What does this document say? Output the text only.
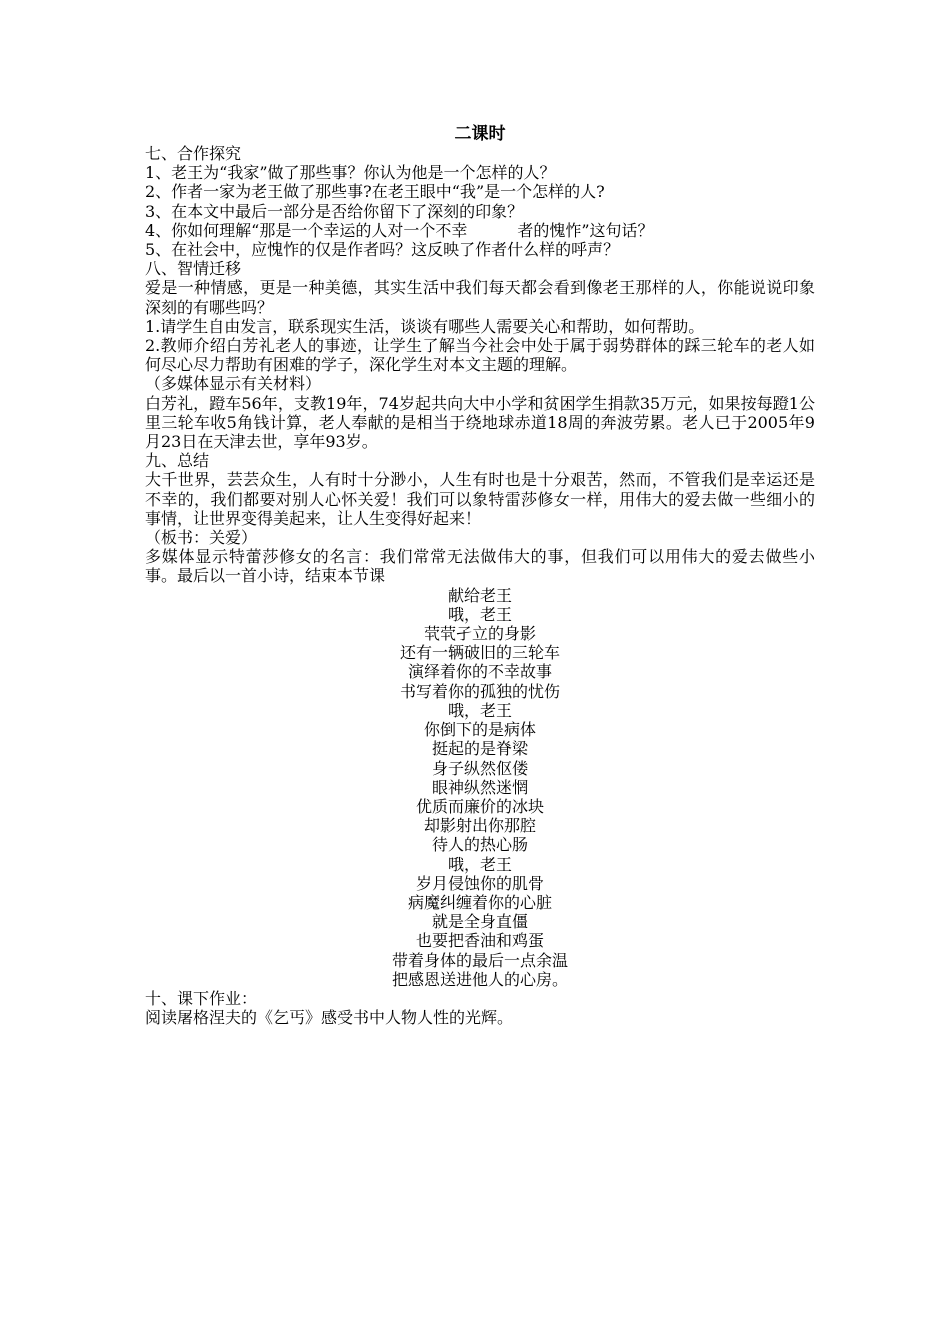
二课时

七、合作探究

1、老王为“我家”做了那些事？你认为他是一个怎样的人？

2、作者一家为老王做了那些事?在老王眼中“我”是一个怎样的人?

3、在本文中最后一部分是否给你留下了深刻的印象？

4、你如何理解“那是一个幸运的人对一个不幸	者的愧怍”这句话？

5、在社会中，应愧怍的仅是作者吗？这反映了作者什么样的呼声？

八、智情迁移

爱是一种情感，更是一种美德，其实生活中我们每天都会看到像老王那样的人，你能说说印象深刻的有哪些吗？

1.请学生自由发言，联系现实生活，谈谈有哪些人需要关心和帮助，如何帮助。

2.教师介绍白芳礼老人的事迹，让学生了解当今社会中处于属于弱势群体的踩三轮车的老人如何尽心尽力帮助有困难的学子，深化学生对本文主题的理解。

（多媒体显示有关材料）

白芳礼，蹬车56年，支教19年，74岁起共向大中小学和贫困学生捐款35万元，如果按每蹬1公里三轮车收5角钱计算，老人奉献的是相当于绕地球赤道18周的奔波劳累。老人已于2005年9月23日在天津去世，享年93岁。

九、总结

大千世界，芸芸众生，人有时十分渺小，人生有时也是十分艰苦，然而，不管我们是幸运还是不幸的，我们都要对别人心怀关爱！我们可以象特雷莎修女一样，用伟大的爱去做一些细小的事情，让世界变得美起来，让人生变得好起来！

（板书：关爱）

多媒体显示特蕾莎修女的名言：我们常常无法做伟大的事，但我们可以用伟大的爱去做些小事。最后以一首小诗，结束本节课

献给老王

哦，老王

茕茕孑立的身影

还有一辆破旧的三轮车

演绎着你的不幸故事

书写着你的孤独的忧伤

哦，老王

你倒下的是病体

挺起的是脊梁

身子纵然伛偻

眼神纵然迷惘

优质而廉价的冰块

却影射出你那腔

待人的热心肠

哦，老王

岁月侵蚀你的肌骨

病魔纠缠着你的心脏

就是全身直僵

也要把香油和鸡蛋

带着身体的最后一点余温

把感恩送进他人的心房。

十、课下作业：

阅读屠格涅夫的《乞丐》感受书中人物人性的光辉。
